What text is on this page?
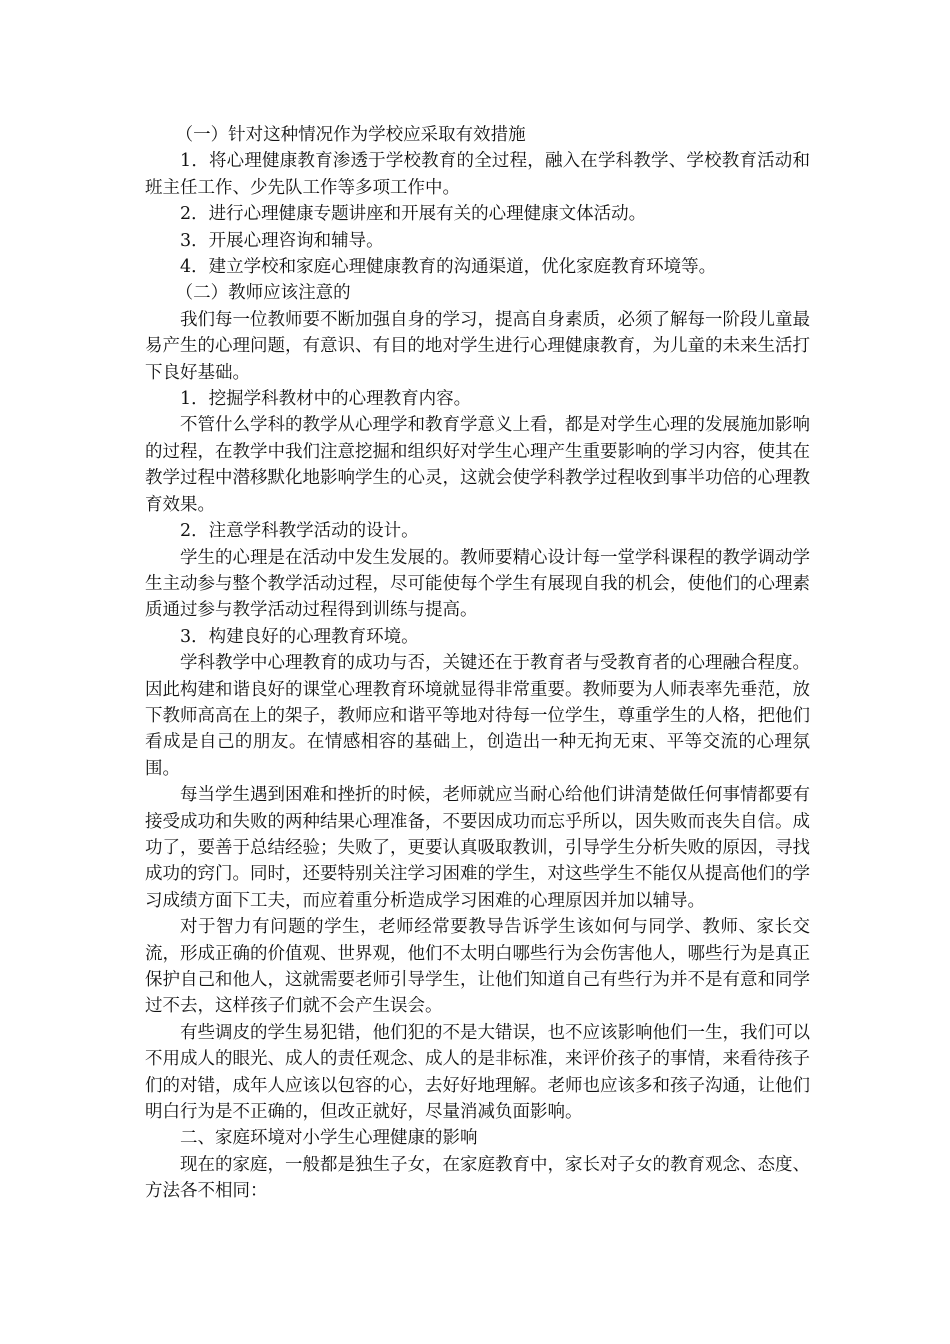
（一）针对这种情况作为学校应采取有效措施

1．将心理健康教育渗透于学校教育的全过程，融入在学科教学、学校教育活动和班主任工作、少先队工作等多项工作中。

2．进行心理健康专题讲座和开展有关的心理健康文体活动。

3．开展心理咨询和辅导。

4．建立学校和家庭心理健康教育的沟通渠道，优化家庭教育环境等。

（二）教师应该注意的

我们每一位教师要不断加强自身的学习，提高自身素质，必须了解每一阶段儿童最易产生的心理问题，有意识、有目的地对学生进行心理健康教育，为儿童的未来生活打下良好基础。

1．挖掘学科教材中的心理教育内容。

不管什么学科的教学从心理学和教育学意义上看，都是对学生心理的发展施加影响的过程，在教学中我们注意挖掘和组织好对学生心理产生重要影响的学习内容，使其在教学过程中潜移默化地影响学生的心灵，这就会使学科教学过程收到事半功倍的心理教育效果。

2．注意学科教学活动的设计。

学生的心理是在活动中发生发展的。教师要精心设计每一堂学科课程的教学调动学生主动参与整个教学活动过程，尽可能使每个学生有展现自我的机会，使他们的心理素质通过参与教学活动过程得到训练与提高。

3．构建良好的心理教育环境。

学科教学中心理教育的成功与否，关键还在于教育者与受教育者的心理融合程度。因此构建和谐良好的课堂心理教育环境就显得非常重要。教师要为人师表率先垂范，放下教师高高在上的架子，教师应和谐平等地对待每一位学生，尊重学生的人格，把他们看成是自己的朋友。在情感相容的基础上，创造出一种无拘无束、平等交流的心理氛围。

每当学生遇到困难和挫折的时候，老师就应当耐心给他们讲清楚做任何事情都要有接受成功和失败的两种结果心理准备，不要因成功而忘乎所以，因失败而丧失自信。成功了，要善于总结经验；失败了，更要认真吸取教训，引导学生分析失败的原因，寻找成功的窍门。同时，还要特别关注学习困难的学生，对这些学生不能仅从提高他们的学习成绩方面下工夫，而应着重分析造成学习困难的心理原因并加以辅导。

对于智力有问题的学生，老师经常要教导告诉学生该如何与同学、教师、家长交流，形成正确的价值观、世界观，他们不太明白哪些行为会伤害他人，哪些行为是真正保护自己和他人，这就需要老师引导学生，让他们知道自己有些行为并不是有意和同学过不去，这样孩子们就不会产生误会。

有些调皮的学生易犯错，他们犯的不是大错误，也不应该影响他们一生，我们可以不用成人的眼光、成人的责任观念、成人的是非标准，来评价孩子的事情，来看待孩子们的对错，成年人应该以包容的心，去好好地理解。老师也应该多和孩子沟通，让他们明白行为是不正确的，但改正就好，尽量消减负面影响。

二、家庭环境对小学生心理健康的影响

现在的家庭，一般都是独生子女，在家庭教育中，家长对子女的教育观念、态度、方法各不相同：
